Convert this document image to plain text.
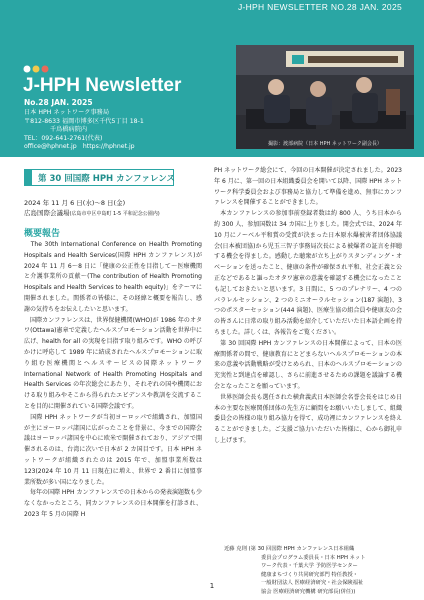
J-HPH NEWSLETTER NO.28 JAN. 2025
J-HPH Newsletter
No.28 JAN. 2025
日本 HPH ネットワーク事務局
〒812-8633 福岡市博多区千代5丁目 18-1
千鳥橋病院内
TEL：092-641-2761(代表)
office@hphnet.jp　https://hphnet.jp	撮影：渡部病院（日本 HPH ネットワーク副会長）
第 30 回国際 HPH カンファレンス
2024 年 11 月 6 日(水)～8 日(金)
広島国際会議場(広島市中区中島町 1-5 平和記念公園内)
概要報告
　The 30th International Conference on Health Promoting Hospitals and Health Services(国際 HPH カンファレンス)が 2024 年 11 月 6～8 日に「健康の公正性を目指して～医療機関と介護事業所の貢献～(The contribution of Health Promoting Hospitals and Health Services to health equity)」をテーマに開催されました。関係者の皆様に、その経緯と概要を報告し、感謝の気持ちをお伝えしたいと思います。
　国際カンファレンスは、世界保健機関(WHO)が 1986 年のオタワ(Ottawa)憲章で定義したヘルスプロモーション活動を世界中に広げ、health for all の実現を目指す取り組みです。WHO の呼びかけに呼応して 1989 年に結成されたヘルスプロモーションに取り組む医療機関とヘルスサービスの国際ネットワーク International Network of Health Promoting Hospitals and Health Services の年次総会にあたり、それぞれの国や機関における取り組みやそこから得られたエビデンスや教訓を交流することを目的に開催されている国際会議です。
　国際 HPH ネットワークが当初ヨーロッパで組織され、加盟国が主にヨーロッパ諸国に広がったことを背景に、今までの国際会議はヨーロッパ諸国を中心に欧米で開催されており、アジアで開催されるのは、台湾に次いで日本が 2 カ国目です。日本 HPH ネットワークが組織されたのは 2015 年で、加盟事業所数は 123(2024 年 10 月 11 日現在)に増え、世界で 2 番目に加盟事業所数が多い国になりました。
　毎年の国際 HPH カンファレンスでの日本からの発表演題数も少なくなかったところ、同カンファレンスの日本開催を打診され、2023 年 5 月の国際 H
PH ネットワーク総会にて、今回の日本開催が決定されました。2023 年 6 月に、第一回の日本組織委員会を開いて以降、国際 HPH ネットワーク科学委員会および事務局と協力して準備を進め、無事にカンファレンスを開催することができました。
　本カンファレンスの参加事前登録者数は約 800 人、うち日本から約 300 人、参加国数は 34 カ国に上りました。開会式では、2024 年 10 月にノーベル平和賞の受賞が決まった日本原水爆被害者団体協議会(日本被団協)から児玉三智子事務局次長による被爆者の証言を拝聴する機会を得ました。感動した聴衆が立ち上がりスタンディング・オベーションを送ったこと、健康の条件が確保され平和、社会正義と公正などであると謳ったオタワ憲章の意義を確認する機会になったことも記しておきたいと思います。3 日間に、5 つのプレナリー、4 つのパラレルセッション、2 つのミニオーラルセッション(187 演題)、3 つのポスターセッション(444 演題)、医療生協の組合員や健康友の会の皆さんに日常の取り組み活動を紹介していただいた日本語企画を持ちました。詳しくは、各報告をご覧ください。
　第 30 回国際 HPH カンファレンスの日本開催によって、日本の医療関係者の間で、健康教育にとどまらないヘルスプロモーションの本来の意義や活動戦略が受けとめられ、日本のヘルスプロモーションの充実性と到達点を確認し、さらに前進させるための課題を議論する機会となったことを願っています。
　世界医師会長も選任された横倉義武日本医師会名誉会長をはじめ日本の主要な医療関係団体の先生方に顧問をお願いいたしまして、組織委員会の皆様の取り組み協力を得て、成功裡にカンファレンスを終えることができました。ご支援ご協力いただいた皆様に、心から御礼申し上げます。
近藤 克則 (第 30 回国際 HPH カンファレンス日本組織
委員会プログラム委員長・日本 HPH ネット
ワーク代表・千葉大学 予防医学センター
健康まちづくり共同研究部門 特任教授・
一般財団法人 医療経済研究・社会保険福祉
協会 医療経済研究機構 研究部長(併任))
1
